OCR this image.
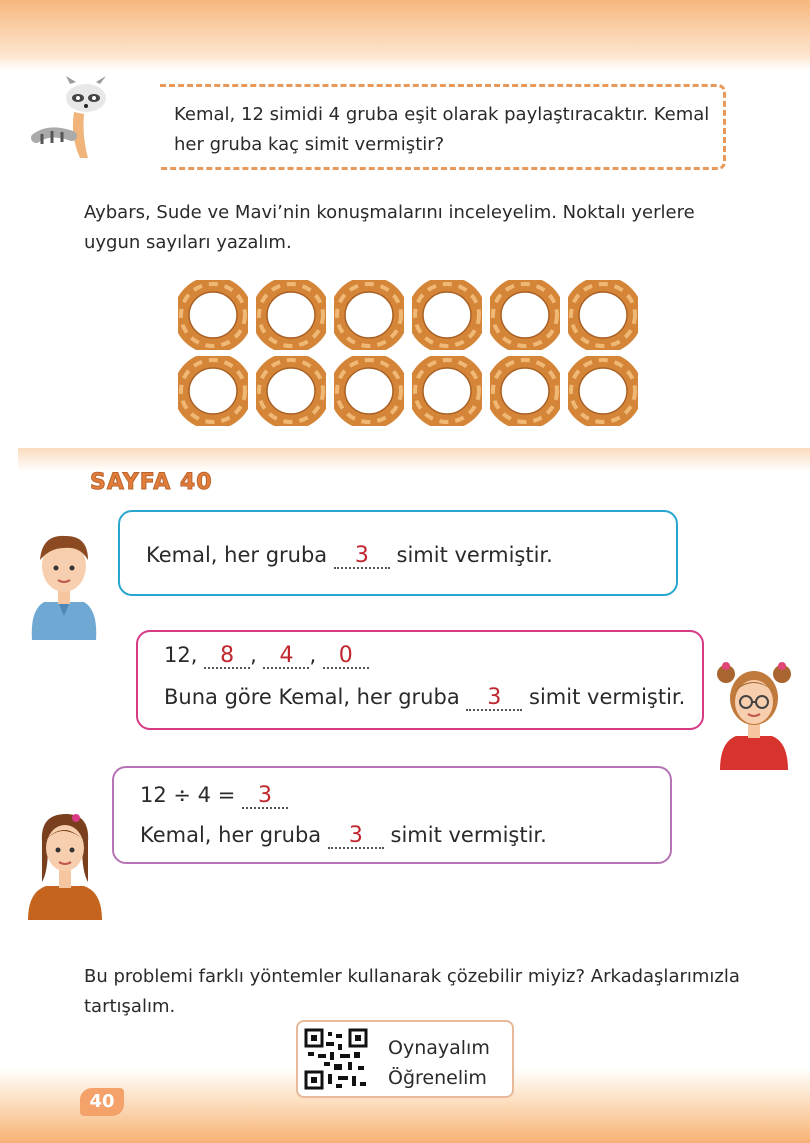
Kemal, 12 simidi 4 gruba eşit olarak paylaştıracaktır. Kemal
her gruba kaç simit vermiştir?
Aybars, Sude ve Mavi’nin konuşmalarını inceleyelim. Noktalı yerlere
uygun sayıları yazalım.
SAYFA 40
Kemal, her gruba 3 simit vermiştir.
12, 8 , 4 , 0
Buna göre Kemal, her gruba 3 simit vermiştir.
12 ÷ 4 = 3
Kemal, her gruba 3 simit vermiştir.
Bu problemi farklı yöntemler kullanarak çözebilir miyiz? Arkadaşlarımızla
tartışalım.
Oynayalım
Öğrenelim
40
